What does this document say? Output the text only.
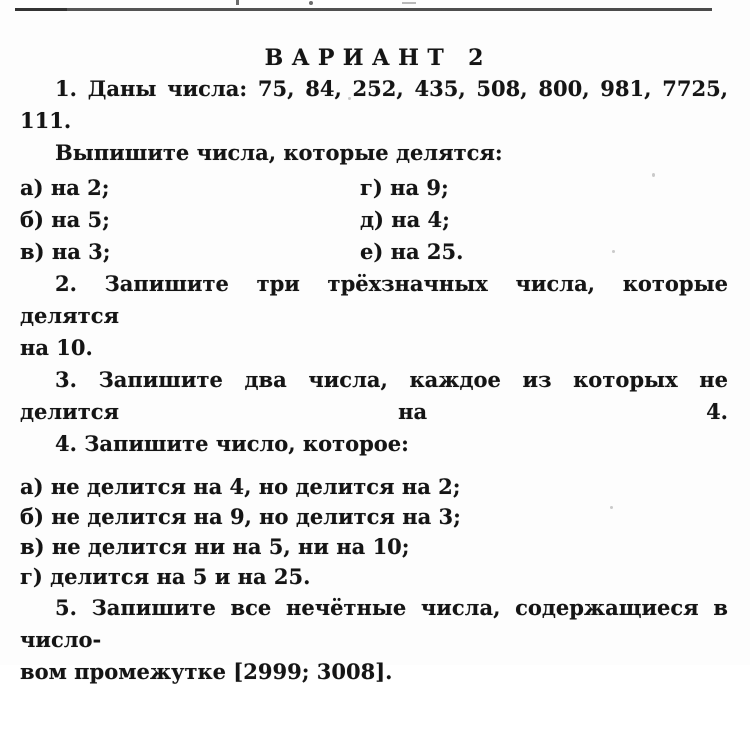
ВАРИАНТ 2

1. Даны числа: 75, 84, 252, 435, 508, 800, 981, 7725, 111.

Выпишите числа, которые делятся:

а) на 2;	г) на 9;
б) на 5;	д) на 4;
в) на 3;	е) на 25.

2. Запишите три трёхзначных числа, которые делятся

на 10.

3. Запишите два числа, каждое из которых не делится на 4.

4. Запишите число, которое:

а) не делится на 4, но делится на 2;

б) не делится на 9, но делится на 3;

в) не делится ни на 5, ни на 10;

г) делится на 5 и на 25.

5. Запишите все нечётные числа, содержащиеся в число-

вом промежутке [2999; 3008].
